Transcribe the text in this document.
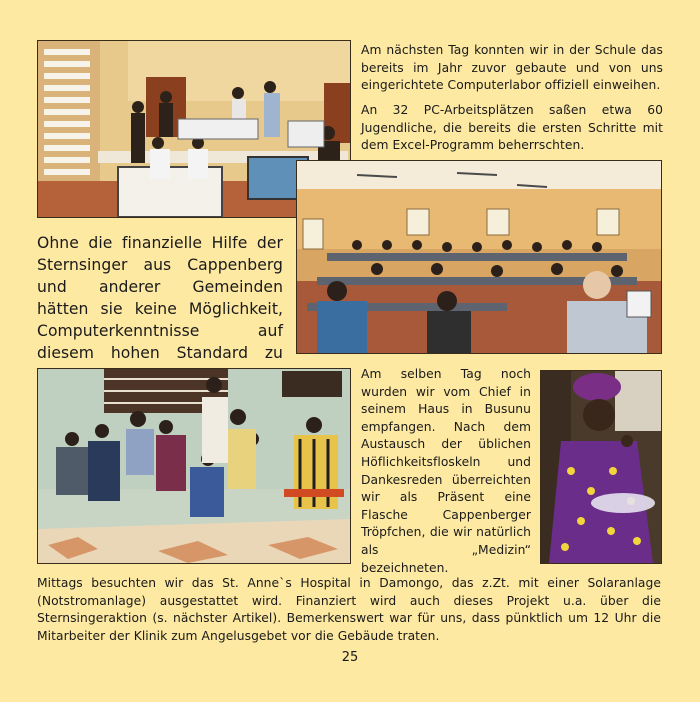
Am nächsten Tag konnten wir in der Schule das bereits im Jahr zuvor gebaute und von uns eingerichtete Computerlabor offiziell einweihen.

An 32 PC-Arbeitsplätzen saßen etwa 60 Jugendliche, die bereits die ersten Schritte mit dem Excel-Programm beherrschten.

Ohne die finanzielle Hilfe der Sternsinger aus Cappenberg und anderer Gemeinden hätten sie keine Möglichkeit, Computerkenntnisse auf diesem hohen Standard zu

Am selben Tag noch wurden wir vom Chief in seinem Haus in Busunu empfangen. Nach dem Austausch der üblichen Höflichkeitsfloskeln und Dankesreden überreichten wir als Präsent eine Flasche Cappenberger Tröpfchen, die wir natürlich als „Medizin“ bezeichneten.

Mittags besuchten wir das St. Anne`s Hospital in Damongo, das z.Zt. mit einer Solaranlage (Notstromanlage) ausgestattet wird. Finanziert wird auch dieses Projekt u.a. über die Sternsingeraktion (s. nächster Artikel). Bemerkenswert war für uns, dass pünktlich um 12 Uhr die Mitarbeiter der Klinik zum Angelusgebet vor die Gebäude traten.

25
